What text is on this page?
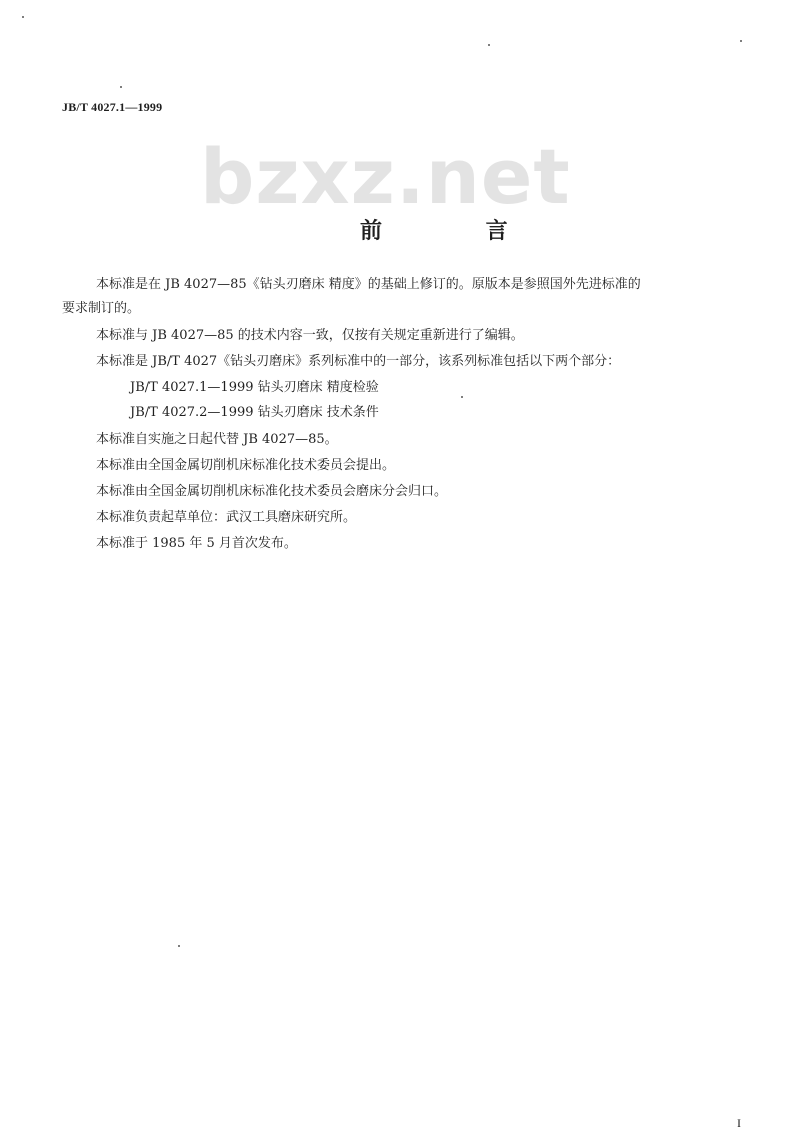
JB/T 4027.1—1999
bzxz.net
前 言
本标准是在 JB 4027—85《钻头刃磨床 精度》的基础上修订的。原版本是参照国外先进标准的
要求制订的。
本标准与 JB 4027—85 的技术内容一致，仅按有关规定重新进行了编辑。
本标准是 JB/T 4027《钻头刃磨床》系列标准中的一部分，该系列标准包括以下两个部分：
JB/T 4027.1—1999 钻头刃磨床 精度检验
JB/T 4027.2—1999 钻头刃磨床 技术条件
本标准自实施之日起代替 JB 4027—85。
本标准由全国金属切削机床标准化技术委员会提出。
本标准由全国金属切削机床标准化技术委员会磨床分会归口。
本标准负责起草单位：武汉工具磨床研究所。
本标准于 1985 年 5 月首次发布。
I
